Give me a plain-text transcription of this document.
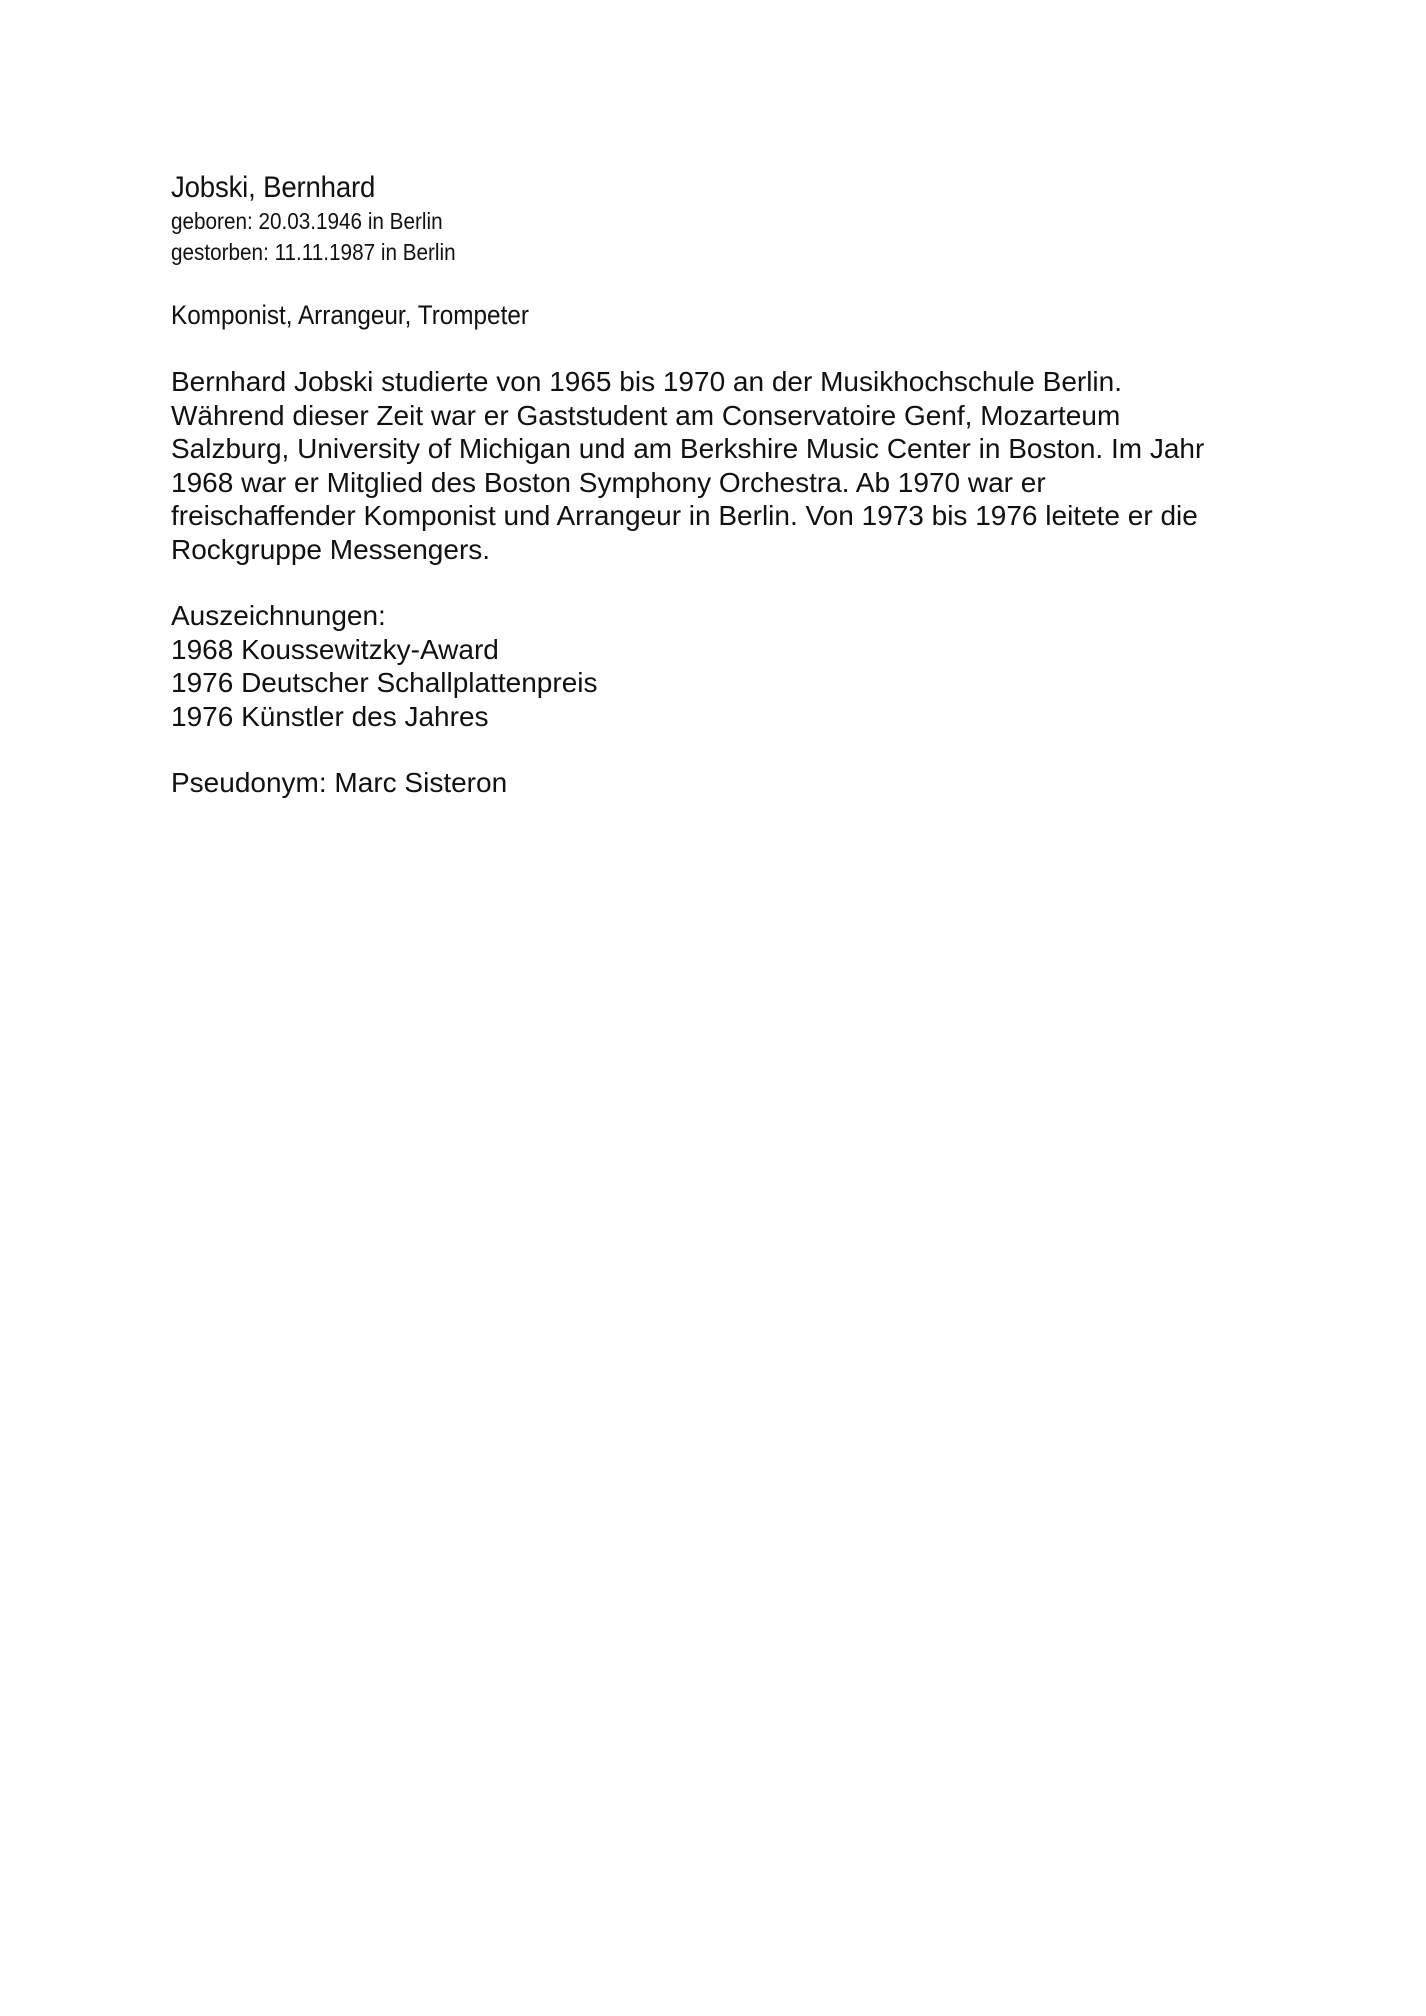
Jobski, Bernhard
geboren: 20.03.1946 in Berlin
gestorben: 11.11.1987 in Berlin
Komponist, Arrangeur, Trompeter
Bernhard Jobski studierte von 1965 bis 1970 an der Musikhochschule Berlin.
Während dieser Zeit war er Gaststudent am Conservatoire Genf, Mozarteum
Salzburg, University of Michigan und am Berkshire Music Center in Boston. Im Jahr
1968 war er Mitglied des Boston Symphony Orchestra. Ab 1970 war er
freischaffender Komponist und Arrangeur in Berlin. Von 1973 bis 1976 leitete er die
Rockgruppe Messengers.
Auszeichnungen:
1968 Koussewitzky-Award
1976 Deutscher Schallplattenpreis
1976 Künstler des Jahres
Pseudonym: Marc Sisteron
